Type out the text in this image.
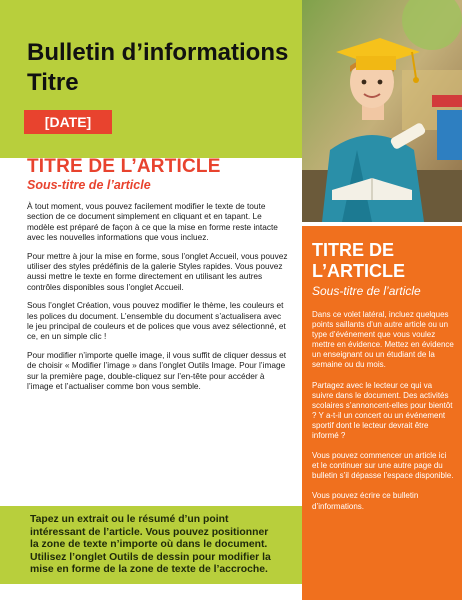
Bulletin d’informations Titre
[DATE]
TITRE DE L’ARTICLE
Sous-titre de l’article

À tout moment, vous pouvez facilement modifier le texte de toute section de ce document simplement en cliquant et en tapant. Le modèle est préparé de façon à ce que la mise en forme reste intacte avec les nouvelles informations que vous incluez.

Pour mettre à jour la mise en forme, sous l’onglet Accueil, vous pouvez utiliser des styles prédéfinis de la galerie Styles rapides. Vous pouvez aussi mettre le texte en forme directement en utilisant les autres contrôles disponibles sous l’onglet Accueil.

Sous l’onglet Création, vous pouvez modifier le thème, les couleurs et les polices du document. L’ensemble du document s’actualisera avec le jeu principal de couleurs et de polices que vous avez sélectionné, et ce, en un simple clic !

Pour modifier n’importe quelle image, il vous suffit de cliquer dessus et de choisir « Modifier l’image » dans l’onglet Outils Image. Pour l’image sur la première page, double-cliquez sur l’en-tête pour accéder à l’image et l’actualiser comme bon vous semble.

Tapez un extrait ou le résumé d’un point intéressant de l’article. Vous pouvez positionner la zone de texte n’importe où dans le document. Utilisez l’onglet Outils de dessin pour modifier la mise en forme de la zone de texte de l’accroche.
TITRE DE L’ARTICLE
Sous-titre de l’article

Dans ce volet latéral, incluez quelques points saillants d’un autre article ou un type d’événement que vous voulez mettre en évidence. Mettez en évidence un enseignant ou un étudiant de la semaine ou du mois.

Partagez avec le lecteur ce qui va suivre dans le document. Des activités scolaires s’annoncent-elles pour bientôt ? Y a-t-il un concert ou un événement sportif dont le lecteur devrait être informé ?

Vous pouvez commencer un article ici et le continuer sur une autre page du bulletin s’il dépasse l’espace disponible.

Vous pouvez écrire ce bulletin d’informations.
